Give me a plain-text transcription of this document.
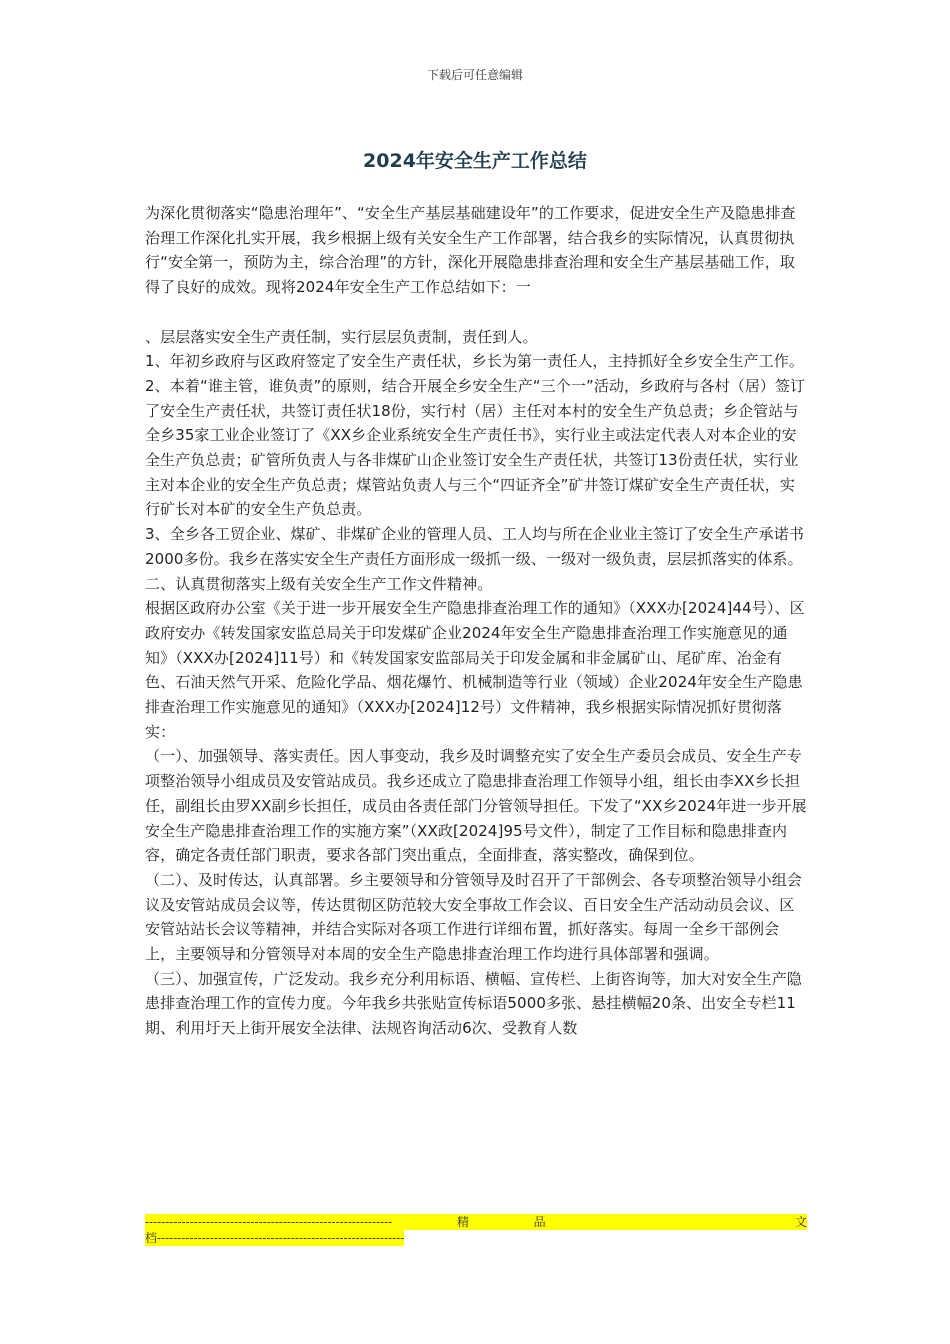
下载后可任意编辑
2024年安全生产工作总结

为深化贯彻落实“隐患治理年”、“安全生产基层基础建设年”的工作要求，促进安全生产及隐患排查治理工作深化扎实开展，我乡根据上级有关安全生产工作部署，结合我乡的实际情况，认真贯彻执行“安全第一，预防为主，综合治理”的方针，深化开展隐患排查治理和安全生产基层基础工作，取得了良好的成效。现将2024年安全生产工作总结如下：一

、层层落实安全生产责任制，实行层层负责制，责任到人。

1、年初乡政府与区政府签定了安全生产责任状，乡长为第一责任人，主持抓好全乡安全生产工作。

2、本着“谁主管，谁负责”的原则，结合开展全乡安全生产“三个一”活动，乡政府与各村（居）签订了安全生产责任状，共签订责任状18份，实行村（居）主任对本村的安全生产负总责；乡企管站与全乡35家工业企业签订了《XX乡企业系统安全生产责任书》，实行业主或法定代表人对本企业的安全生产负总责；矿管所负责人与各非煤矿山企业签订安全生产责任状，共签订13份责任状，实行业主对本企业的安全生产负总责；煤管站负责人与三个“四证齐全”矿井签订煤矿安全生产责任状，实行矿长对本矿的安全生产负总责。

3、全乡各工贸企业、煤矿、非煤矿企业的管理人员、工人均与所在企业业主签订了安全生产承诺书2000多份。我乡在落实安全生产责任方面形成一级抓一级、一级对一级负责，层层抓落实的体系。

二、认真贯彻落实上级有关安全生产工作文件精神。

根据区政府办公室《关于进一步开展安全生产隐患排查治理工作的通知》（XXX办[2024]44号）、区政府安办《转发国家安监总局关于印发煤矿企业2024年安全生产隐患排查治理工作实施意见的通知》（XXX办[2024]11号）和《转发国家安监部局关于印发金属和非金属矿山、尾矿库、冶金有色、石油天然气开采、危险化学品、烟花爆竹、机械制造等行业（领域）企业2024年安全生产隐患排查治理工作实施意见的通知》（XXX办[2024]12号）文件精神，我乡根据实际情况抓好贯彻落实：

（一）、加强领导、落实责任。因人事变动，我乡及时调整充实了安全生产委员会成员、安全生产专项整治领导小组成员及安管站成员。我乡还成立了隐患排查治理工作领导小组，组长由李XX乡长担任，副组长由罗XX副乡长担任，成员由各责任部门分管领导担任。下发了“XX乡2024年进一步开展安全生产隐患排查治理工作的实施方案”（XX政[2024]95号文件），制定了工作目标和隐患排查内容，确定各责任部门职责，要求各部门突出重点，全面排查，落实整改，确保到位。

（二）、及时传达，认真部署。乡主要领导和分管领导及时召开了干部例会、各专项整治领导小组会议及安管站成员会议等，传达贯彻区防范较大安全事故工作会议、百日安全生产活动动员会议、区安管站站长会议等精神，并结合实际对各项工作进行详细布置，抓好落实。每周一全乡干部例会上，主要领导和分管领导对本周的安全生产隐患排查治理工作均进行具体部署和强调。

（三）、加强宣传，广泛发动。我乡充分利用标语、横幅、宣传栏、上街咨询等，加大对安全生产隐患排查治理工作的宣传力度。今年我乡共张贴宣传标语5000多张、悬挂横幅20条、出安全专栏11期、利用圩天上街开展安全法律、法规咨询活动6次、受教育人数

-------------------------------------------------------------	精	品	文
档-------------------------------------------------------------
